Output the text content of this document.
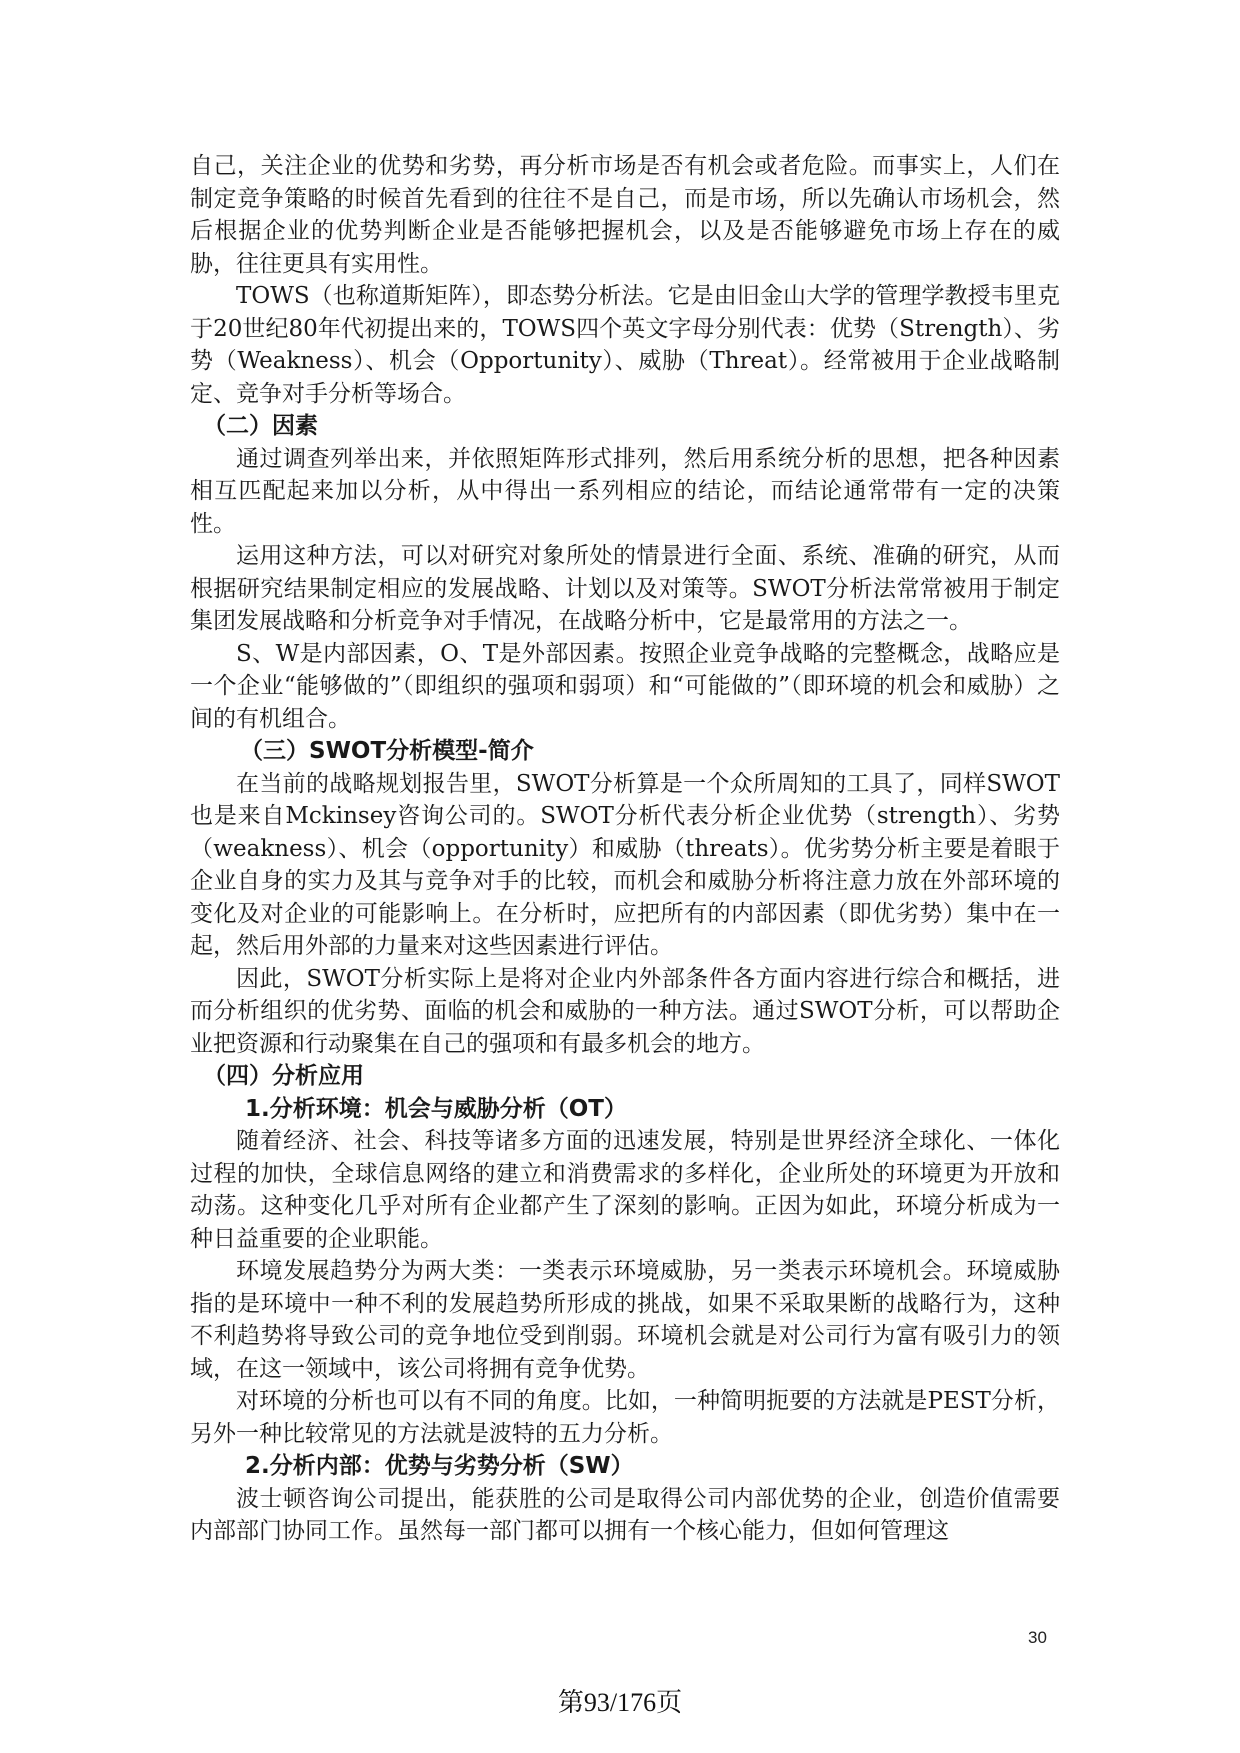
自己，关注企业的优势和劣势，再分析市场是否有机会或者危险。而事实上，人们在制定竞争策略的时候首先看到的往往不是自己，而是市场，所以先确认市场机会，然后根据企业的优势判断企业是否能够把握机会，以及是否能够避免市场上存在的威胁，往往更具有实用性。

TOWS（也称道斯矩阵），即态势分析法。它是由旧金山大学的管理学教授韦里克于20世纪80年代初提出来的，TOWS四个英文字母分别代表：优势（Strength）、劣势（Weakness）、机会（Opportunity）、威胁（Threat）。经常被用于企业战略制定、竞争对手分析等场合。

（二）因素

通过调查列举出来，并依照矩阵形式排列，然后用系统分析的思想，把各种因素相互匹配起来加以分析，从中得出一系列相应的结论，而结论通常带有一定的决策性。

运用这种方法，可以对研究对象所处的情景进行全面、系统、准确的研究，从而根据研究结果制定相应的发展战略、计划以及对策等。SWOT分析法常常被用于制定集团发展战略和分析竞争对手情况，在战略分析中，它是最常用的方法之一。

S、W是内部因素，O、T是外部因素。按照企业竞争战略的完整概念，战略应是一个企业“能够做的”（即组织的强项和弱项）和“可能做的”（即环境的机会和威胁）之间的有机组合。

（三）SWOT分析模型-简介

在当前的战略规划报告里，SWOT分析算是一个众所周知的工具了，同样SWOT也是来自Mckinsey咨询公司的。SWOT分析代表分析企业优势（strength）、劣势（weakness）、机会（opportunity）和威胁（threats）。优劣势分析主要是着眼于企业自身的实力及其与竞争对手的比较，而机会和威胁分析将注意力放在外部环境的变化及对企业的可能影响上。在分析时，应把所有的内部因素（即优劣势）集中在一起，然后用外部的力量来对这些因素进行评估。

因此，SWOT分析实际上是将对企业内外部条件各方面内容进行综合和概括，进而分析组织的优劣势、面临的机会和威胁的一种方法。通过SWOT分析，可以帮助企业把资源和行动聚集在自己的强项和有最多机会的地方。

（四）分析应用
1.分析环境：机会与威胁分析（OT）

随着经济、社会、科技等诸多方面的迅速发展，特别是世界经济全球化、一体化过程的加快，全球信息网络的建立和消费需求的多样化，企业所处的环境更为开放和动荡。这种变化几乎对所有企业都产生了深刻的影响。正因为如此，环境分析成为一种日益重要的企业职能。

环境发展趋势分为两大类：一类表示环境威胁，另一类表示环境机会。环境威胁指的是环境中一种不利的发展趋势所形成的挑战，如果不采取果断的战略行为，这种不利趋势将导致公司的竞争地位受到削弱。环境机会就是对公司行为富有吸引力的领域，在这一领域中，该公司将拥有竞争优势。

对环境的分析也可以有不同的角度。比如，一种简明扼要的方法就是PEST分析，另外一种比较常见的方法就是波特的五力分析。

2.分析内部：优势与劣势分析（SW）

波士顿咨询公司提出，能获胜的公司是取得公司内部优势的企业，创造价值需要内部部门协同工作。虽然每一部门都可以拥有一个核心能力，但如何管理这

30
第93/176页
